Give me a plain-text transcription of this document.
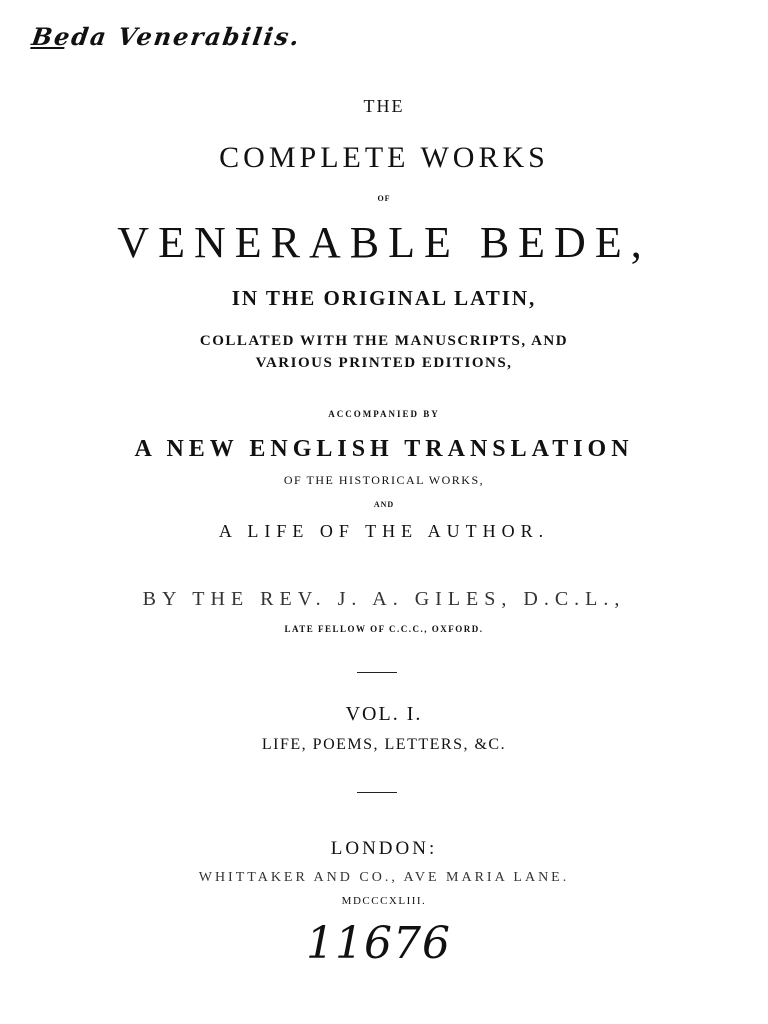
Beda Venerabilis.

THE

COMPLETE WORKS

OF

VENERABLE BEDE,

IN THE ORIGINAL LATIN,

COLLATED WITH THE MANUSCRIPTS, AND

VARIOUS PRINTED EDITIONS,

ACCOMPANIED BY

A NEW ENGLISH TRANSLATION

OF THE HISTORICAL WORKS,

AND

A LIFE OF THE AUTHOR.

BY THE REV. J. A. GILES, D.C.L.,

LATE FELLOW OF C.C.C., OXFORD.

VOL. I.

LIFE, POEMS, LETTERS, &C.

LONDON:

WHITTAKER AND CO., AVE MARIA LANE.

MDCCCXLIII.

11676
